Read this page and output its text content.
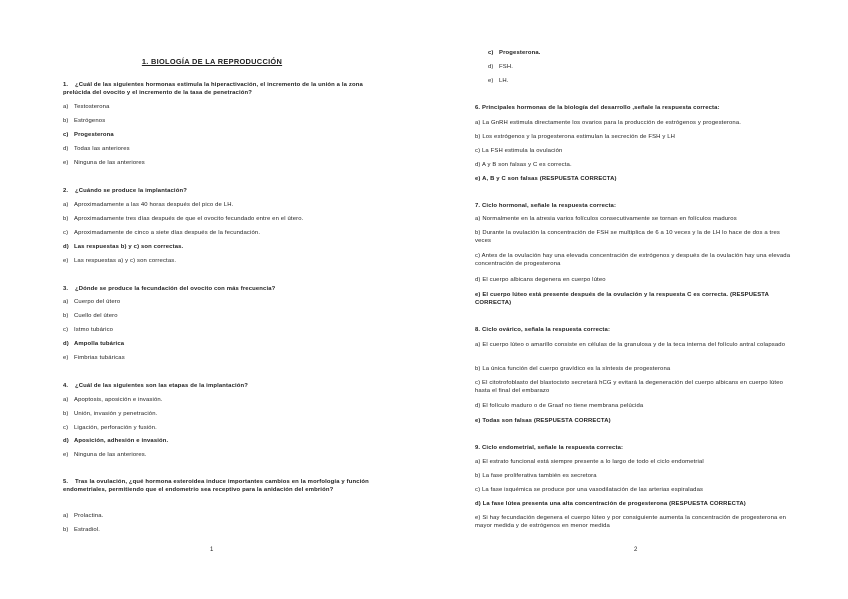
1. BIOLOGÍA DE LA REPRODUCCIÓN
1. ¿Cuál de las siguientes hormonas estimula la hiperactivación, el incremento de la unión a la zona prelúcida del ovocito y el incremento de la tasa de penetración?
a) Testosterona
b) Estrógenos
c) Progesterona
d) Todas las anteriores
e) Ninguna de las anteriores
2. ¿Cuándo se produce la implantación?
a) Aproximadamente a las 40 horas después del pico de LH.
b) Aproximadamente tres días después de que el ovocito fecundado entre en el útero.
c) Aproximadamente de cinco a siete días después de la fecundación.
d) Las respuestas b) y c) son correctas.
e) Las respuestas a) y c) son correctas.
3. ¿Dónde se produce la fecundación del ovocito con más frecuencia?
a) Cuerpo del útero
b) Cuello del útero
c) Istmo tubárico
d) Ampolla tubárica
e) Fimbrias tubáricas
4. ¿Cuál de las siguientes son las etapas de la implantación?
a) Apoptosis, aposición e invasión.
b) Unión, invasión y penetración.
c) Ligación, perforación y fusión.
d) Aposición, adhesión e invasión.
e) Ninguna de las anteriores.
5. Tras la ovulación, ¿qué hormona esteroidea induce importantes cambios en la morfología y función endometriales, permitiendo que el endometrio sea receptivo para la anidación del embrión?
a) Prolactina.
b) Estradiol.
1
c) Progesterona.
d) FSH.
e) LH.
6. Principales hormonas de la biología del desarrollo ,señale la respuesta correcta:
a) La GnRH estimula directamente los ovarios para la producción de estrógenos y progesterona.
b) Los estrógenos y la progesterona estimulan la secreción de FSH y LH
c) La FSH estimula la ovulación
d) A y B son falsas y C es correcta.
e) A, B y C son falsas (RESPUESTA CORRECTA)
7. Ciclo hormonal, señale la respuesta correcta:
a) Normalmente en la atresia varios folículos consecutivamente se tornan en folículos maduros
b) Durante la ovulación la concentración de FSH se multiplica de 6 a 10 veces y la de LH lo hace de dos a tres veces
c) Antes de la ovulación hay una elevada concentración de estrógenos y después de la ovulación hay una elevada concentración de progesterona
d) El cuerpo albicans degenera en cuerpo lúteo
e) El cuerpo lúteo está presente después de la ovulación y la respuesta C es correcta. (RESPUESTA CORRECTA)
8. Ciclo ovárico, señala la respuesta correcta:
a) El cuerpo lúteo o amarillo consiste en células de la granulosa y de la teca interna del folículo antral colapsado
b) La única función del cuerpo gravídico es la síntesis de progesterona
c) El citotrofoblasto del blastocisto secretará hCG y evitará la degeneración del cuerpo albicans en cuerpo lúteo hasta el final del embarazo
d) El folículo maduro o de Graaf no tiene membrana pelúcida
e) Todas son falsas (RESPUESTA CORRECTA)
9. Ciclo endometrial, señale la respuesta correcta:
a) El estrato funcional está siempre presente a lo largo de todo el ciclo endometrial
b) La fase proliferativa también es secretora
c) La fase isquémica se produce por una vasodilatación de las arterias espiraladas
d) La fase lútea presenta una alta concentración de progesterona (RESPUESTA CORRECTA)
e) Si hay fecundación degenera el cuerpo lúteo y por consiguiente aumenta la concentración de progesterona en mayor medida y de estrógenos en menor medida
2
